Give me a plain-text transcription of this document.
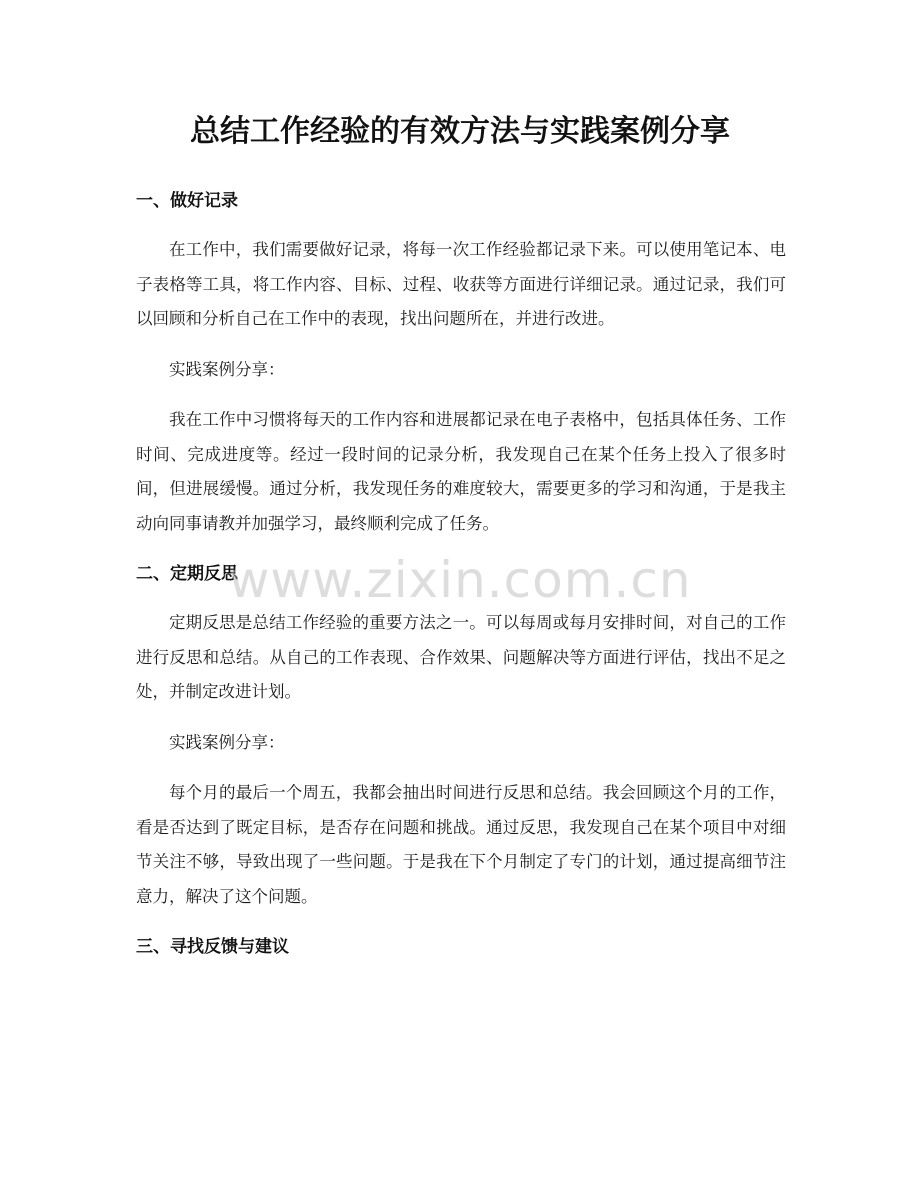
总结工作经验的有效方法与实践案例分享
一、做好记录

在工作中，我们需要做好记录，将每一次工作经验都记录下来。可以使用笔记本、电子表格等工具，将工作内容、目标、过程、收获等方面进行详细记录。通过记录，我们可以回顾和分析自己在工作中的表现，找出问题所在，并进行改进。

实践案例分享：

我在工作中习惯将每天的工作内容和进展都记录在电子表格中，包括具体任务、工作时间、完成进度等。经过一段时间的记录分析，我发现自己在某个任务上投入了很多时间，但进展缓慢。通过分析，我发现任务的难度较大，需要更多的学习和沟通，于是我主动向同事请教并加强学习，最终顺利完成了任务。

二、定期反思

定期反思是总结工作经验的重要方法之一。可以每周或每月安排时间，对自己的工作进行反思和总结。从自己的工作表现、合作效果、问题解决等方面进行评估，找出不足之处，并制定改进计划。

实践案例分享：

每个月的最后一个周五，我都会抽出时间进行反思和总结。我会回顾这个月的工作，看是否达到了既定目标，是否存在问题和挑战。通过反思，我发现自己在某个项目中对细节关注不够，导致出现了一些问题。于是我在下个月制定了专门的计划，通过提高细节注意力，解决了这个问题。

三、寻找反馈与建议
www.zixin.com.cn
